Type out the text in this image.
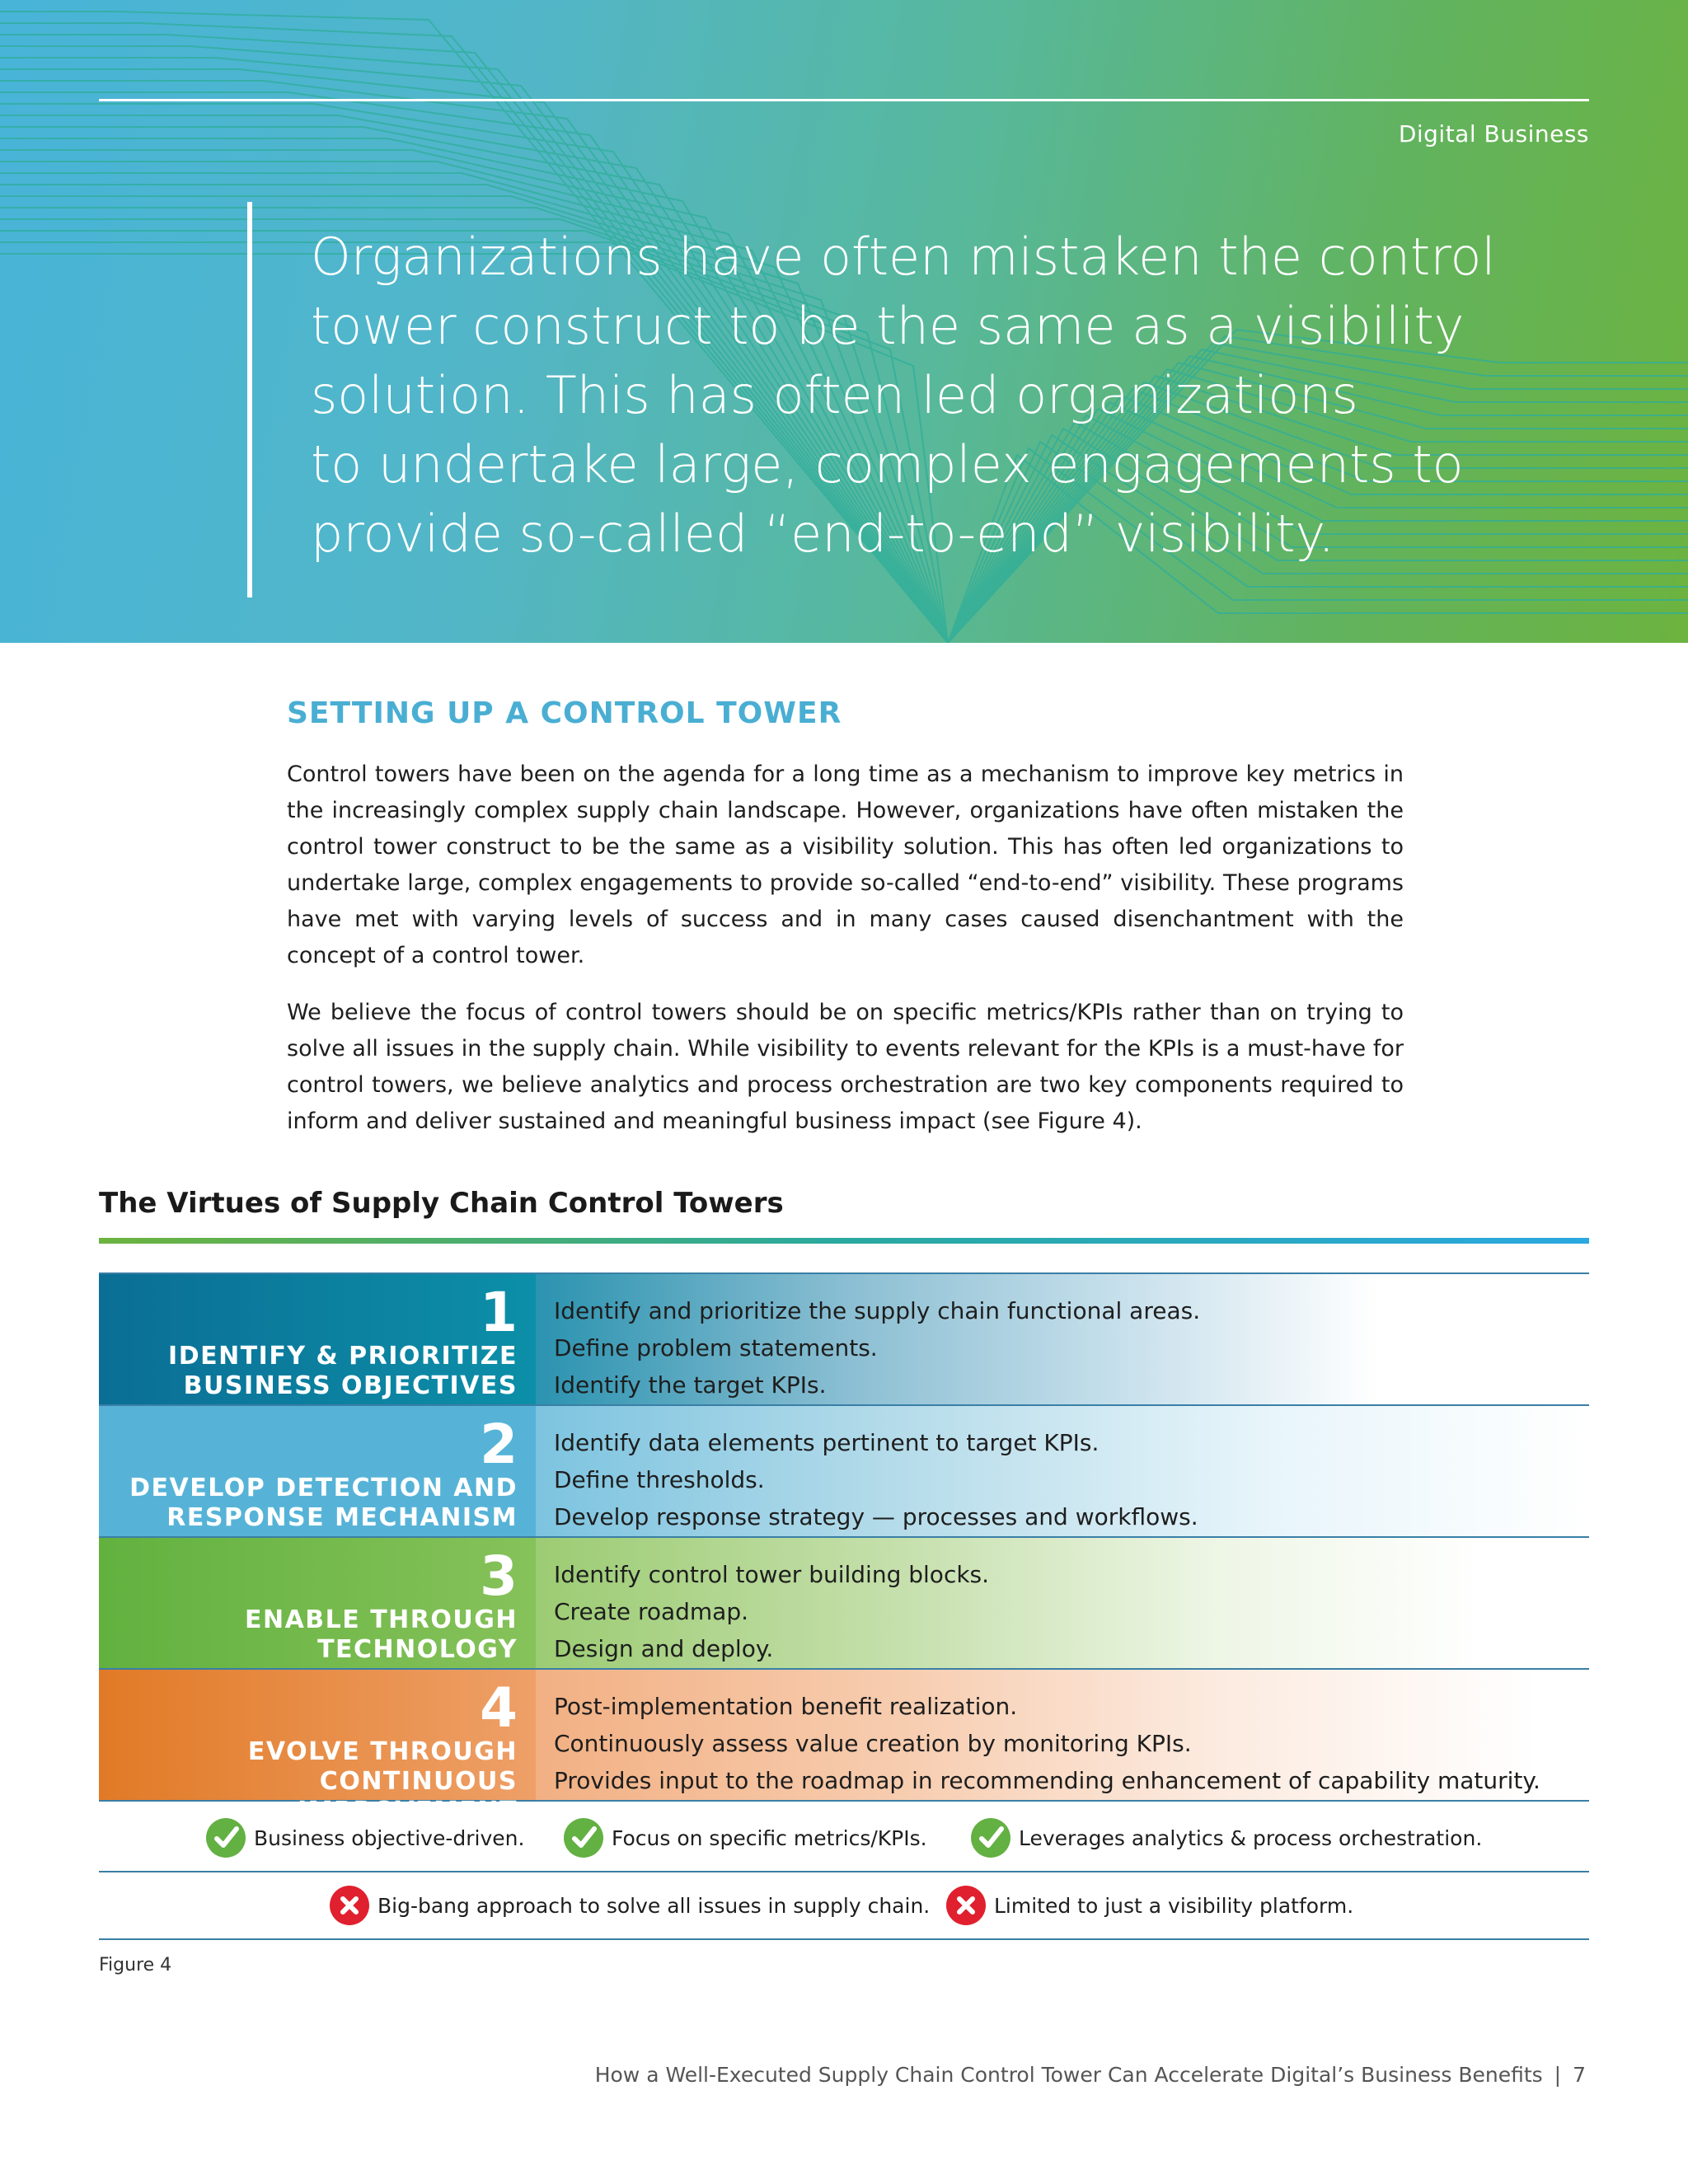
Digital Business

Organizations have often mistaken the control
tower construct to be the same as a visibility
solution. This has often led organizations
to undertake large, complex engagements to
provide so-called “end-to-end” visibility.

SETTING UP A CONTROL TOWER

Control towers have been on the agenda for a long time as a mechanism to improve key metrics in the increasingly complex supply chain landscape. However, organizations have often mistaken the control tower construct to be the same as a visibility solution. This has often led organizations to undertake large, complex engagements to provide so-called “end-to-end” visibility. These programs have met with varying levels of success and in many cases caused disenchantment with the concept of a control tower.

We believe the focus of control towers should be on specific metrics/KPIs rather than on trying to solve all issues in the supply chain. While visibility to events relevant for the KPIs is a must-have for control towers, we believe analytics and process orchestration are two key components required to inform and deliver sustained and meaningful business impact (see Figure 4).

The Virtues of Supply Chain Control Towers
1
IDENTIFY & PRIORITIZE
BUSINESS OBJECTIVES
Identify and prioritize the supply chain functional areas.
Define problem statements.
Identify the target KPIs.
2
DEVELOP DETECTION AND
RESPONSE MECHANISM
Identify data elements pertinent to target KPIs.
Define thresholds.
Develop response strategy — processes and workflows.
3
ENABLE THROUGH
TECHNOLOGY
Identify control tower building blocks.
Create roadmap.
Design and deploy.
4
EVOLVE THROUGH
CONTINUOUS IMPROVEMENT
Post-implementation benefit realization.
Continuously assess value creation by monitoring KPIs.
Provides input to the roadmap in recommending enhancement of capability maturity.
Business objective-driven.	Focus on specific metrics/KPIs.	Leverages analytics & process orchestration.
Big-bang approach to solve all issues in supply chain.	Limited to just a visibility platform.

Figure 4

How a Well-Executed Supply Chain Control Tower Can Accelerate Digital’s Business Benefits | 7
